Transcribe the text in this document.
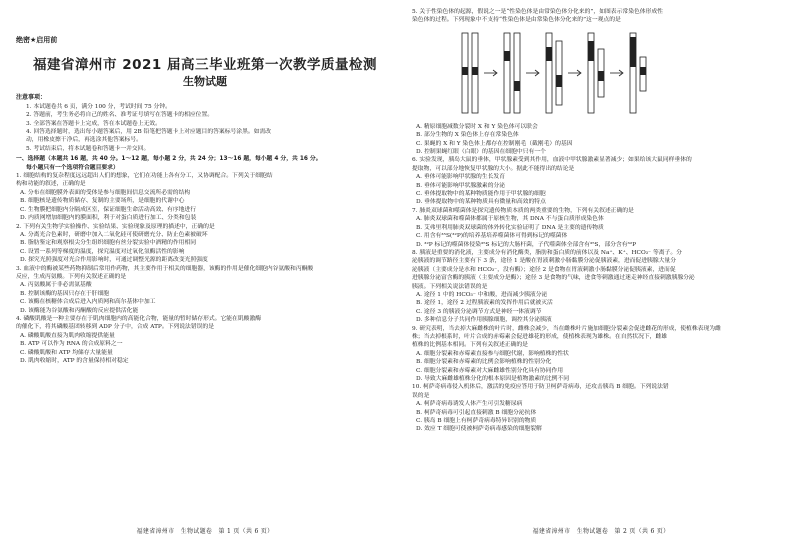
绝密★启用前
福建省漳州市 2021 届高三毕业班第一次教学质量检测
生物试题
注意事项：
1. 本试题卷共 6 页，满分 100 分，考试时间 75 分钟。
2. 答题前，考生务必将自己的姓名、准考证号填写在答题卡的相应位置。
3. 全部答案在答题卡上完成，答在本试题卷上无效。
4. 回答选择题时，选出每小题答案后，用 2B 铅笔把答题卡上对应题目的答案标号涂黑。如需改
动，用橡皮擦干净后，再选涂其他答案标号。
5. 考试结束后，将本试题卷和答题卡一并交回。
一、选择题（本题共 16 题，共 40 分。1～12 题，每小题 2 分，共 24 分；13～16 题，每小题 4 分，共 16 分。
每小题只有一个选项符合题目要求）
1. 细胞结构的复杂程度远远超出人们的想象，它们在功能上各有分工，又协调配合。下列关于细胞结
构和功能的叙述，正确的是
A. 分布在细胞膜外表面的受体是参与细胞间信息交流所必需的结构
B. 细胞核是遗传物质储存、复制的主要场所，是细胞的代谢中心
C. 生物膜把细胞内分隔成区室，保证细胞生命活动高效、有序地进行
D. 内质网增加细胞内的膜面积，利于对蛋白质进行加工、分类和包装
2. 下列有关生物学实验操作、实验结果、实验现象及原理的描述中，正确的是
A. 分离光合色素时，研磨中加入二氧化硅可使研磨充分、防止色素被破坏
B. 脂肪鉴定和观察根尖分生组织细胞有丝分裂实验中酒精的作用相同
C. 设置一系列等梯度的温度，探究温度对过氧化氢酶活性的影响
D. 探究光照强度对光合作用影响时，可通过调整光源的距离改变光照强度
3. 血液中的酶被某些药物抑制后常用作药物，其主要作用于相关的细胞器，该酶的作用是催化细胞内谷氨酸和丙酮酸
反应，生成丙氨酸。下列有关叙述正确的是
A. 丙氨酸属于非必需氨基酸
B. 控制该酶的基因只存在于肝细胞
C. 该酶在核糖体合成后进入内质网和高尔基体中加工
D. 该酶能为谷氨酸和丙酮酸的反应提供活化能
4. 磷酸肌酸是一种主要存在于肌肉细胞内的高能化合物，能量的暂时储存形式。它能在肌酸激酶
的催化下，将其磷酸基团转移到 ADP 分子中，合成 ATP。下列说法错误的是
A. 磷酸肌酸直接为肌肉收缩提供能量
B. ATP 可以作为 RNA 的合成原料之一
C. 磷酸肌酸和 ATP 均储存大量能量
D. 肌肉收缩时，ATP 的含量保持相对稳定
5. 关于性染色体的起源，假说之一是“性染色体是由常染色体分化来的”，如图表示常染色体形成性
染色体的过程。下列现象中不支持“性染色体是由常染色体分化来的”这一观点的是
A. 精原细胞减数分裂时 X 和 Y 染色体可以联会
B. 部分生物的 X 染色体上存在常染色体
C. 果蝇的 X 和 Y 染色体上都存在控制刚毛（截刚毛）的基因
D. 控制果蝇红眼（白眼）的基因在细胞中只有一个
6. 实验发现，胰岛大鼠的垂体，甲状腺素受到其作用，血液中甲状腺激素显著减少；如果给该大鼠同样垂体的
提取物，可以部分地恢复甲状腺的大小。据此不能得出的结论是
A. 垂体可能影响甲状腺的生长发育
B. 垂体可能影响甲状腺激素的分泌
C. 垂体提取物中的某种物质能作用于甲状腺的细胞
D. 垂体提取物中的某种物质具有微量和高效的特点
7. 肺炎双球菌和噬菌体是探究遗传物质本质的两类重要的生物，下列有关叙述正确的是
A. 肺炎双球菌和噬菌体都属于原核生物，其 DNA 不与蛋白质形成染色体
B. 艾弗里利用肺炎双球菌的体外转化实验证明了 DNA 是主要的遗传物质
C. 用含有³⁵S(³²P)的培养基培养噬菌体可得到标记的噬菌体
D. ³²P 标记的噬菌体侵染³⁵S 标记的大肠杆菌，子代噬菌体全部含有³⁵S，部分含有³²P
8. 胰液是重要的消化液，主要成分有消化酶类，脂肪和蛋白质的前体以及 Na⁺、K⁺、HCO₃⁻ 等离子。分
泌胰液的调节路径主要有下 3 条，途径 1 是酸在胃液刺激小肠黏膜分泌促胰液素，进而促进胰腺大量分
泌胰液（主要成分是水和 HCO₃⁻，没有酶）；途径 2 是食物在胃液刺激小肠黏膜分泌促胰液素，进而促
进胰腺分泌富含酶的胰液（主要成分是酶）；途径 3 是食物的气味，进食等刺激通过迷走神经直接刺激胰腺分泌
胰液。下列相关说法错误的是
A. 途径 1 中的 HCO₃⁻ 中和酸，进而减少胰液分泌
B. 途径 1，途径 2 过程胰液素的发挥作用后就被灭活
C. 途径 3 的胰液分泌调节方式是神经一体液调节
D. 多种信息分子共同作用胰腺细胞，调控其分泌胰液
9. 研究表明，当去掉大麻雌株的叶片时，雌株会减少，当在雌株叶片施加细胞分裂素会促进雌花的形成，使植株表现为雌
株；当去掉根系时，叶片合成的赤霉素会促进雄花的形成，使植株表现为雄株。在自然状况下，雌雄
植株的比例基本相同。下列有关叙述正确的是
A. 细胞分裂素和赤霉素直接参与细胞代谢，影响植株的性状
B. 细胞分裂素和赤霉素的比例会影响植株的性别分化
C. 细胞分裂素和赤霉素对大麻雌雄性别分化具有协同作用
D. 导致大麻雌雄植株分化的根本原因是植物激素的比例不同
10. 柯萨奇病毒侵入机体后，激活的免疫应答用于防卫柯萨奇病毒，还攻击胰岛 B 细胞。下列说法错
误的是
A. 柯萨奇病毒诱发人体产生可引发糖尿病
B. 柯萨奇病毒可引起直接刺激 B 细胞分泌抗体
C. 胰岛 B 细胞上有柯萨奇病毒特异识别的物质
D. 效应 T 细胞可使被柯萨奇病毒感染的细胞裂解
福建省漳州市　生物试题卷　第 1 页（共 6 页）	福建省漳州市　生物试题卷　第 2 页（共 6 页）
